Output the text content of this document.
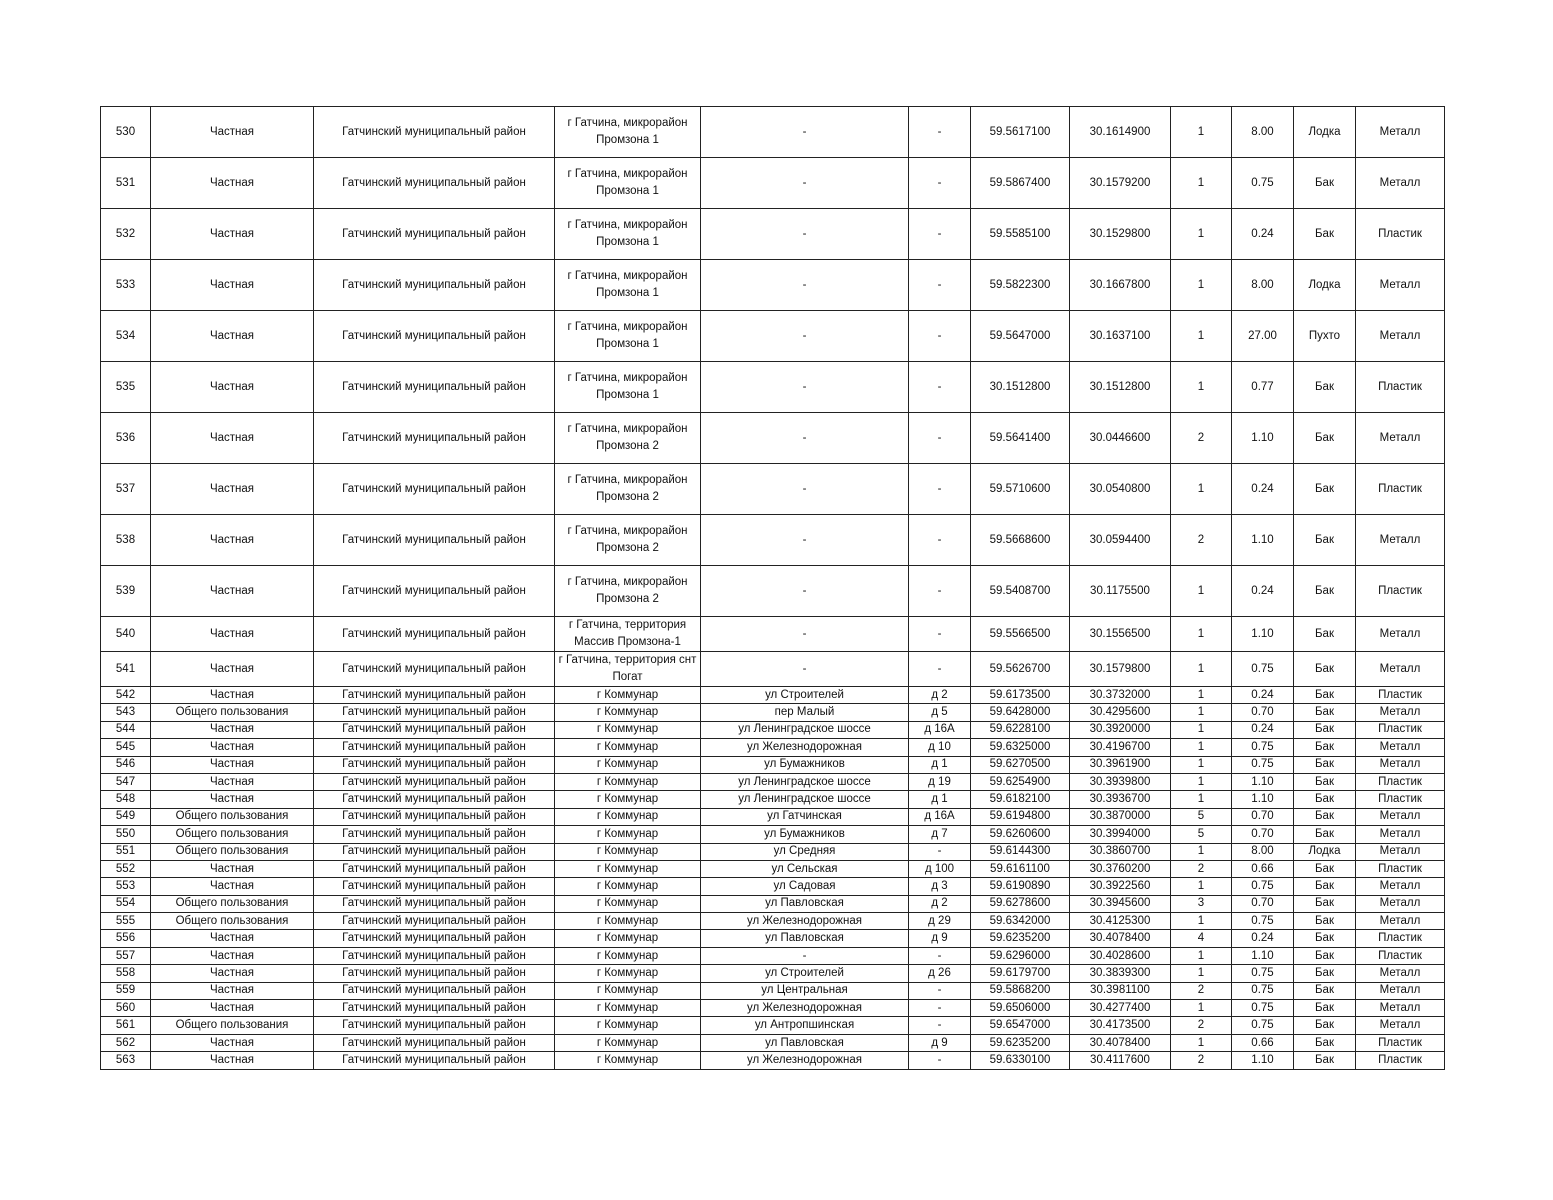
530	Частная	Гатчинский муниципальный район	г Гатчина, микрорайон Промзона 1	-	-	59.5617100	30.1614900	1	8.00	Лодка	Металл
531	Частная	Гатчинский муниципальный район	г Гатчина, микрорайон Промзона 1	-	-	59.5867400	30.1579200	1	0.75	Бак	Металл
532	Частная	Гатчинский муниципальный район	г Гатчина, микрорайон Промзона 1	-	-	59.5585100	30.1529800	1	0.24	Бак	Пластик
533	Частная	Гатчинский муниципальный район	г Гатчина, микрорайон Промзона 1	-	-	59.5822300	30.1667800	1	8.00	Лодка	Металл
534	Частная	Гатчинский муниципальный район	г Гатчина, микрорайон Промзона 1	-	-	59.5647000	30.1637100	1	27.00	Пухто	Металл
535	Частная	Гатчинский муниципальный район	г Гатчина, микрорайон Промзона 1	-	-	30.1512800	30.1512800	1	0.77	Бак	Пластик
536	Частная	Гатчинский муниципальный район	г Гатчина, микрорайон Промзона 2	-	-	59.5641400	30.0446600	2	1.10	Бак	Металл
537	Частная	Гатчинский муниципальный район	г Гатчина, микрорайон Промзона 2	-	-	59.5710600	30.0540800	1	0.24	Бак	Пластик
538	Частная	Гатчинский муниципальный район	г Гатчина, микрорайон Промзона 2	-	-	59.5668600	30.0594400	2	1.10	Бак	Металл
539	Частная	Гатчинский муниципальный район	г Гатчина, микрорайон Промзона 2	-	-	59.5408700	30.1175500	1	0.24	Бак	Пластик
540	Частная	Гатчинский муниципальный район	г Гатчина, территория Массив Промзона-1	-	-	59.5566500	30.1556500	1	1.10	Бак	Металл
541	Частная	Гатчинский муниципальный район	г Гатчина, территория снт Погат	-	-	59.5626700	30.1579800	1	0.75	Бак	Металл
542	Частная	Гатчинский муниципальный район	г Коммунар	ул Строителей	д 2	59.6173500	30.3732000	1	0.24	Бак	Пластик
543	Общего пользования	Гатчинский муниципальный район	г Коммунар	пер Малый	д 5	59.6428000	30.4295600	1	0.70	Бак	Металл
544	Частная	Гатчинский муниципальный район	г Коммунар	ул Ленинградское шоссе	д 16А	59.6228100	30.3920000	1	0.24	Бак	Пластик
545	Частная	Гатчинский муниципальный район	г Коммунар	ул Железнодорожная	д 10	59.6325000	30.4196700	1	0.75	Бак	Металл
546	Частная	Гатчинский муниципальный район	г Коммунар	ул Бумажников	д 1	59.6270500	30.3961900	1	0.75	Бак	Металл
547	Частная	Гатчинский муниципальный район	г Коммунар	ул Ленинградское шоссе	д 19	59.6254900	30.3939800	1	1.10	Бак	Пластик
548	Частная	Гатчинский муниципальный район	г Коммунар	ул Ленинградское шоссе	д 1	59.6182100	30.3936700	1	1.10	Бак	Пластик
549	Общего пользования	Гатчинский муниципальный район	г Коммунар	ул Гатчинская	д 16А	59.6194800	30.3870000	5	0.70	Бак	Металл
550	Общего пользования	Гатчинский муниципальный район	г Коммунар	ул Бумажников	д 7	59.6260600	30.3994000	5	0.70	Бак	Металл
551	Общего пользования	Гатчинский муниципальный район	г Коммунар	ул Средняя	-	59.6144300	30.3860700	1	8.00	Лодка	Металл
552	Частная	Гатчинский муниципальный район	г Коммунар	ул Сельская	д 100	59.6161100	30.3760200	2	0.66	Бак	Пластик
553	Частная	Гатчинский муниципальный район	г Коммунар	ул Садовая	д 3	59.6190890	30.3922560	1	0.75	Бак	Металл
554	Общего пользования	Гатчинский муниципальный район	г Коммунар	ул Павловская	д 2	59.6278600	30.3945600	3	0.70	Бак	Металл
555	Общего пользования	Гатчинский муниципальный район	г Коммунар	ул Железнодорожная	д 29	59.6342000	30.4125300	1	0.75	Бак	Металл
556	Частная	Гатчинский муниципальный район	г Коммунар	ул Павловская	д 9	59.6235200	30.4078400	4	0.24	Бак	Пластик
557	Частная	Гатчинский муниципальный район	г Коммунар	-	-	59.6296000	30.4028600	1	1.10	Бак	Пластик
558	Частная	Гатчинский муниципальный район	г Коммунар	ул Строителей	д 26	59.6179700	30.3839300	1	0.75	Бак	Металл
559	Частная	Гатчинский муниципальный район	г Коммунар	ул Центральная	-	59.5868200	30.3981100	2	0.75	Бак	Металл
560	Частная	Гатчинский муниципальный район	г Коммунар	ул Железнодорожная	-	59.6506000	30.4277400	1	0.75	Бак	Металл
561	Общего пользования	Гатчинский муниципальный район	г Коммунар	ул Антропшинская	-	59.6547000	30.4173500	2	0.75	Бак	Металл
562	Частная	Гатчинский муниципальный район	г Коммунар	ул Павловская	д 9	59.6235200	30.4078400	1	0.66	Бак	Пластик
563	Частная	Гатчинский муниципальный район	г Коммунар	ул Железнодорожная	-	59.6330100	30.4117600	2	1.10	Бак	Пластик
